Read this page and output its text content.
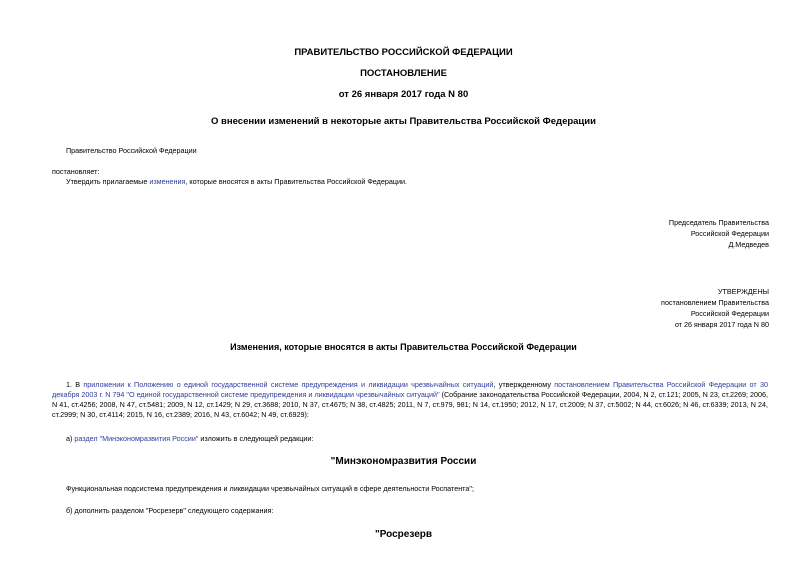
ПРАВИТЕЛЬСТВО РОССИЙСКОЙ ФЕДЕРАЦИИ
ПОСТАНОВЛЕНИЕ
от 26 января 2017 года N 80
О внесении изменений в некоторые акты Правительства Российской Федерации
Правительство Российской Федерации
постановляет:
Утвердить прилагаемые изменения, которые вносятся в акты Правительства Российской Федерации.
Председатель Правительства
Российской Федерации
Д.Медведев
УТВЕРЖДЕНЫ
постановлением Правительства
Российской Федерации
от 26 января 2017 года N 80
Изменения, которые вносятся в акты Правительства Российской Федерации
1. В приложении к Положению о единой государственной системе предупреждения и ликвидации чрезвычайных ситуаций, утвержденному постановлением Правительства Российской Федерации от 30 декабря 2003 г. N 794 "О единой государственной системе предупреждения и ликвидации чрезвычайных ситуаций" (Собрание законодательства Российской Федерации, 2004, N 2, ст.121; 2005, N 23, ст.2269; 2006, N 41, ст.4256; 2008, N 47, ст.5481; 2009, N 12, ст.1429; N 29, ст.3688; 2010, N 37, ст.4675; N 38, ст.4825; 2011, N 7, ст.979, 981; N 14, ст.1950; 2012, N 17, ст.2009; N 37, ст.5002; N 44, ст.6026; N 46, ст.6339; 2013, N 24, ст.2999; N 30, ст.4114; 2015, N 16, ст.2389; 2016, N 43, ст.6042; N 49, ст.6929):
а) раздел "Минэкономразвития России" изложить в следующей редакции:
"Минэкономразвития России
Функциональная подсистема предупреждения и ликвидации чрезвычайных ситуаций в сфере деятельности Роспатента";
б) дополнить разделом "Росрезерв" следующего содержания:
"Росрезерв
